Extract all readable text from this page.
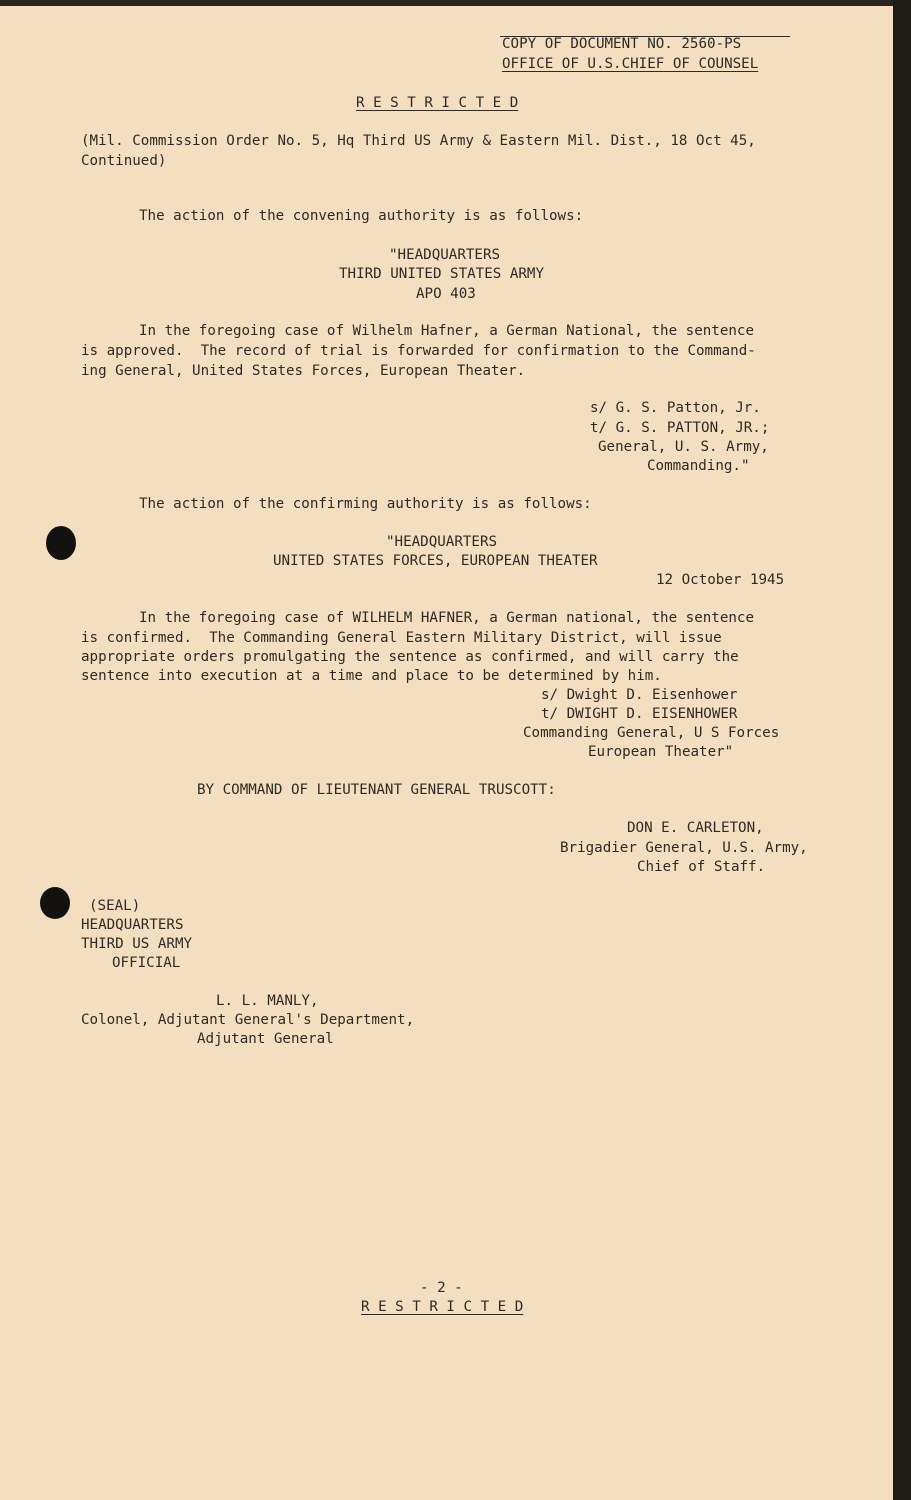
COPY OF DOCUMENT NO. 2560-PS
OFFICE OF U.S.CHIEF OF COUNSEL
R E S T R I C T E D
(Mil. Commission Order No. 5, Hq Third US Army & Eastern Mil. Dist., 18 Oct 45,
Continued)
The action of the convening authority is as follows:
"HEADQUARTERS
THIRD UNITED STATES ARMY
APO 403
In the foregoing case of Wilhelm Hafner, a German National, the sentence
is approved.  The record of trial is forwarded for confirmation to the Command-
ing General, United States Forces, European Theater.
s/ G. S. Patton, Jr.
t/ G. S. PATTON, JR.;
General, U. S. Army,
Commanding."
The action of the confirming authority is as follows:
"HEADQUARTERS
UNITED STATES FORCES, EUROPEAN THEATER
12 October 1945
In the foregoing case of WILHELM HAFNER, a German national, the sentence
is confirmed.  The Commanding General Eastern Military District, will issue
appropriate orders promulgating the sentence as confirmed, and will carry the
sentence into execution at a time and place to be determined by him.
s/ Dwight D. Eisenhower
t/ DWIGHT D. EISENHOWER
Commanding General, U S Forces
European Theater"
BY COMMAND OF LIEUTENANT GENERAL TRUSCOTT:
DON E. CARLETON,
Brigadier General, U.S. Army,
Chief of Staff.
(SEAL)
HEADQUARTERS
THIRD US ARMY
OFFICIAL
L. L. MANLY,
Colonel, Adjutant General's Department,
Adjutant General
- 2 -
R E S T R I C T E D
